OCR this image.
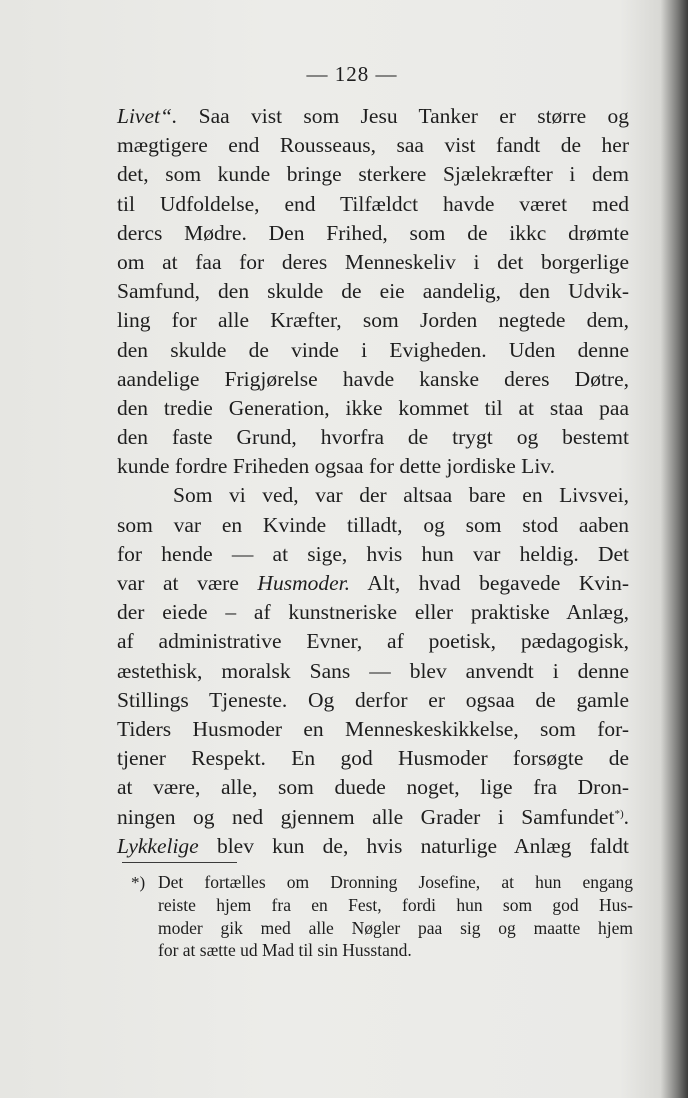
— 128 —
Livet“. Saa vist som Jesu Tanker er større og
mægtigere end Rousseaus, saa vist fandt de her
det, som kunde bringe sterkere Sjælekræfter i dem
til Udfoldelse, end Tilfældct havde været med
dercs Mødre. Den Frihed, som de ikkc drømte
om at faa for deres Menneskeliv i det borgerlige
Samfund, den skulde de eie aandelig, den Udvik-
ling for alle Kræfter, som Jorden negtede dem,
den skulde de vinde i Evigheden. Uden denne
aandelige Frigjørelse havde kanske deres Døtre,
den tredie Generation, ikke kommet til at staa paa
den faste Grund, hvorfra de trygt og bestemt
kunde fordre Friheden ogsaa for dette jordiske Liv.
Som vi ved, var der altsaa bare en Livsvei,
som var en Kvinde tilladt, og som stod aaben
for hende — at sige, hvis hun var heldig. Det
var at være Husmoder. Alt, hvad begavede Kvin-
der eiede – af kunstneriske eller praktiske Anlæg,
af administrative Evner, af poetisk, pædagogisk,
æstethisk, moralsk Sans — blev anvendt i denne
Stillings Tjeneste. Og derfor er ogsaa de gamle
Tiders Husmoder en Menneskeskikkelse, som for-
tjener Respekt. En god Husmoder forsøgte de
at være, alle, som duede noget, lige fra Dron-
ningen og ned gjennem alle Grader i Samfundet*).
Lykkelige blev kun de, hvis naturlige Anlæg faldt
*) Det fortælles om Dronning Josefine, at hun engang
reiste hjem fra en Fest, fordi hun som god Hus-
moder gik med alle Nøgler paa sig og maatte hjem
for at sætte ud Mad til sin Husstand.
